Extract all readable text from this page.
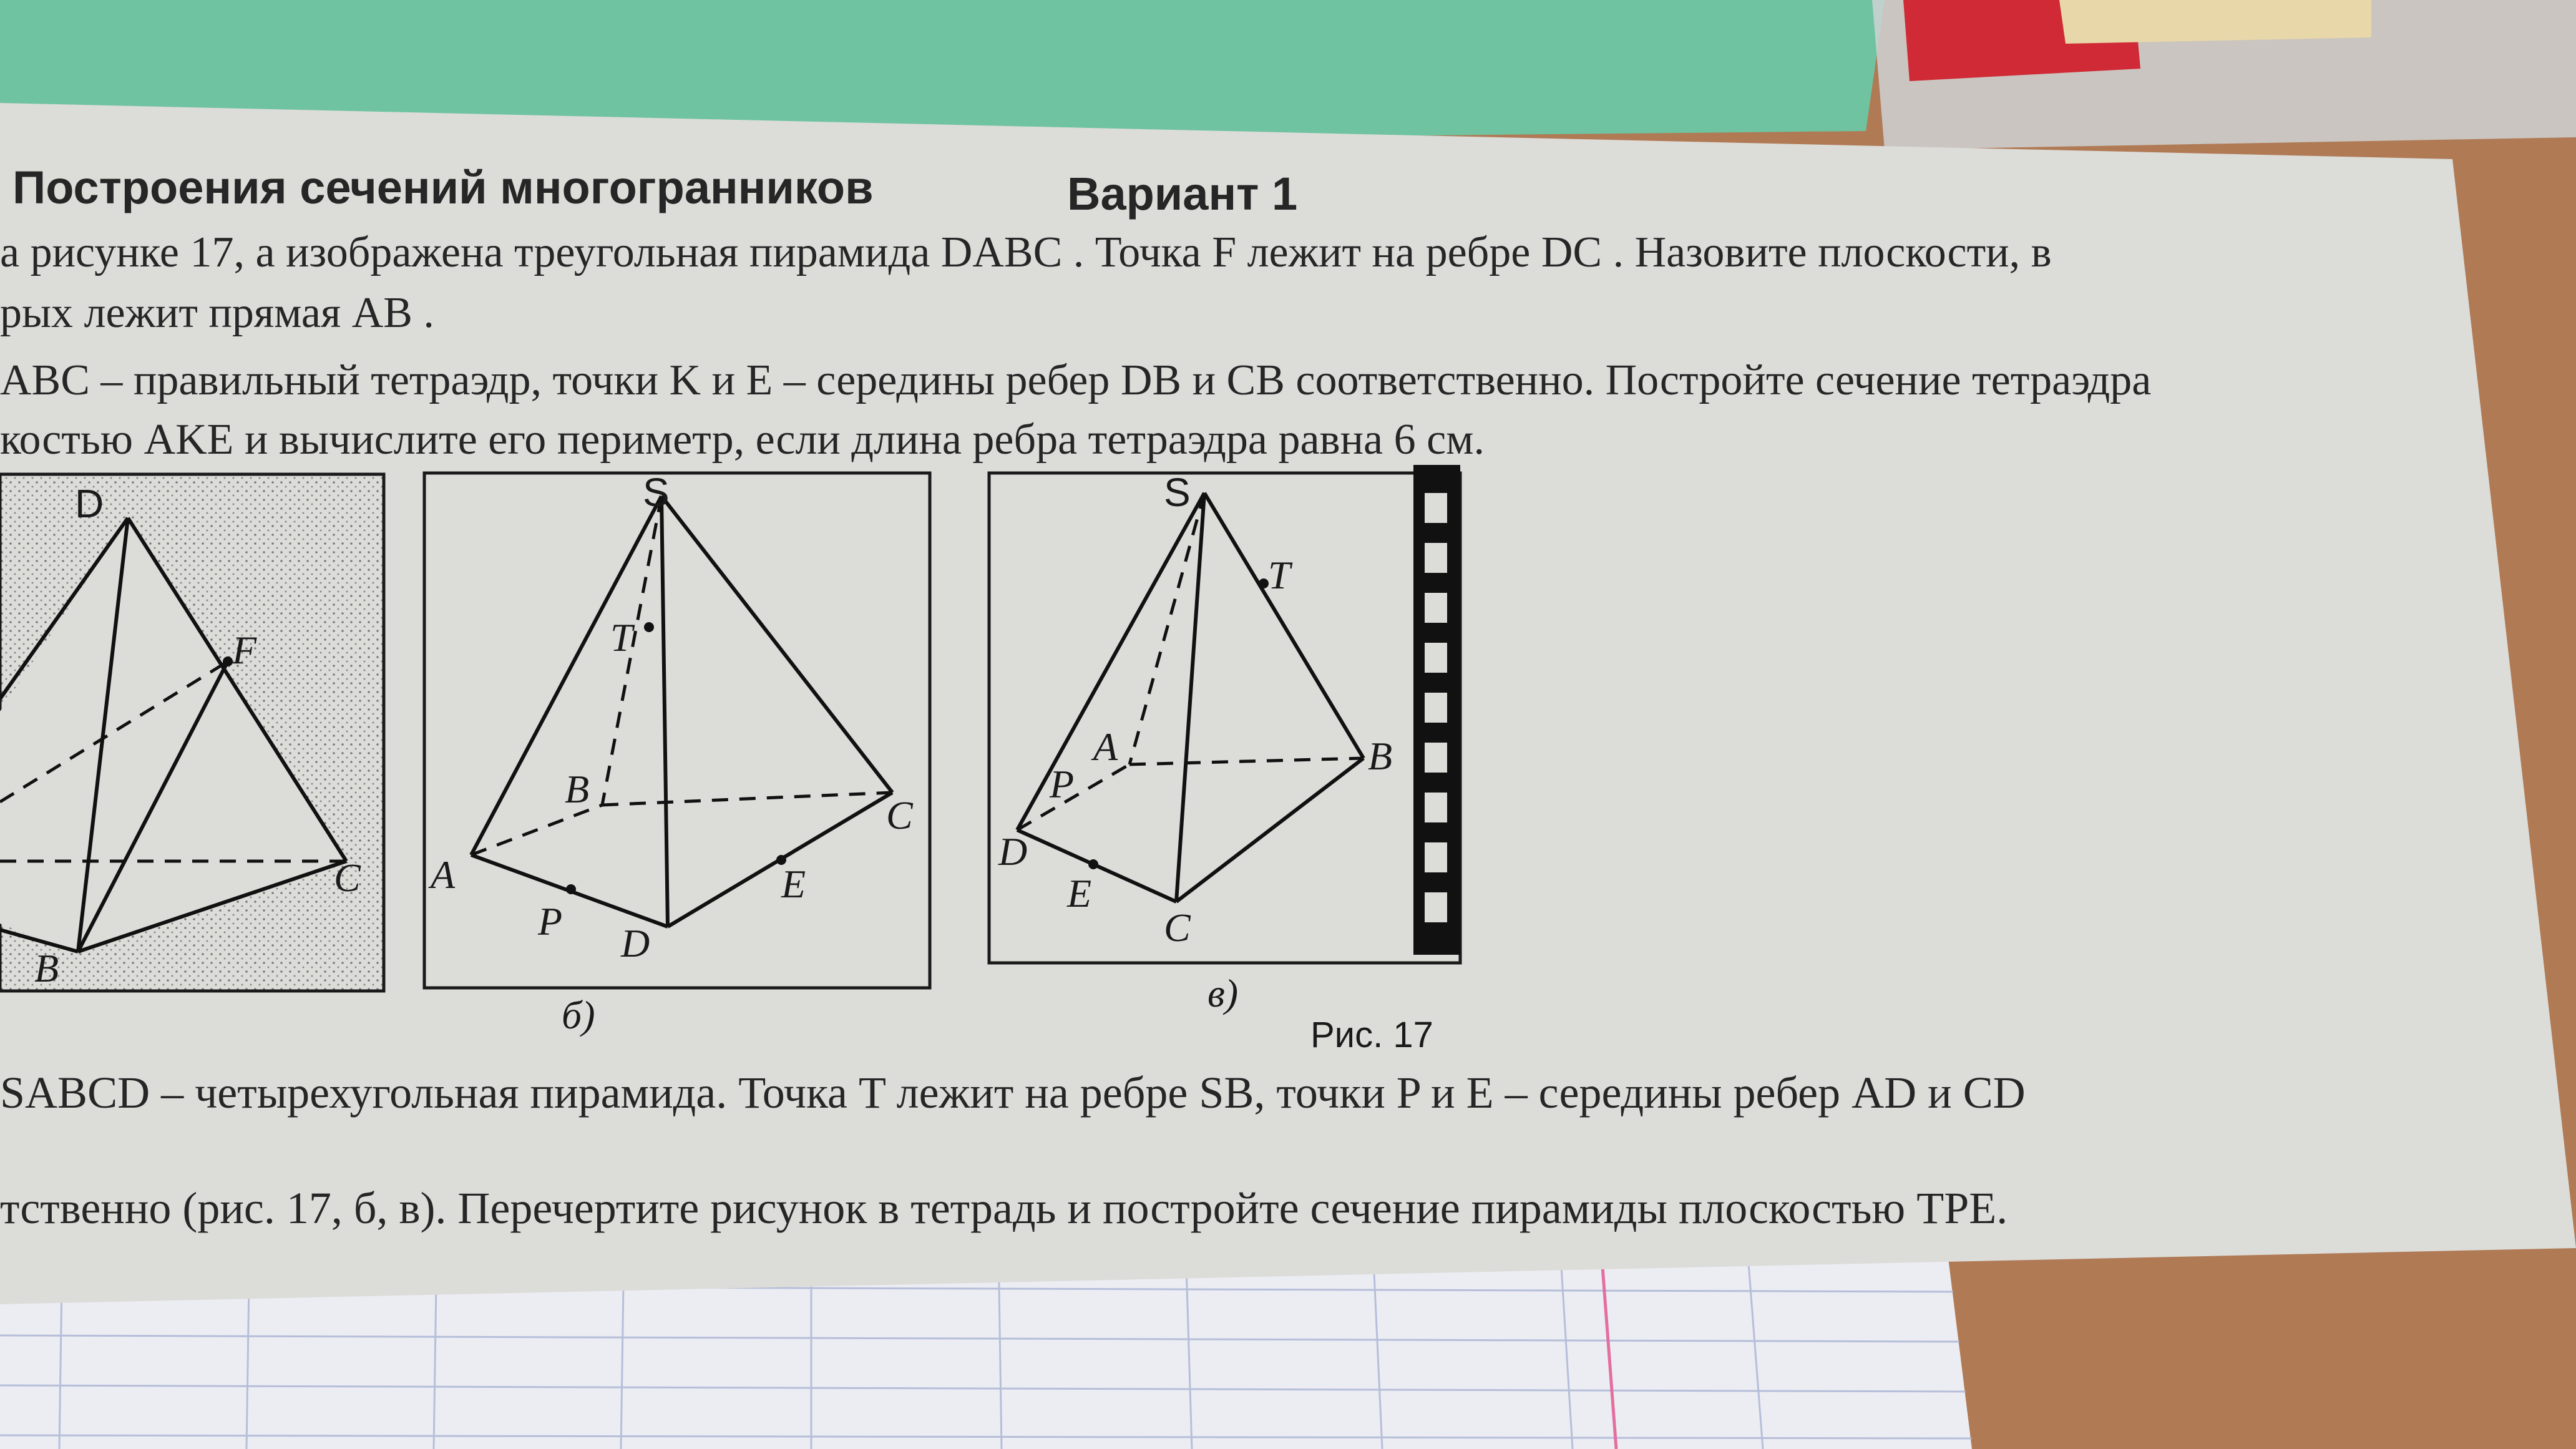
Построения сечений многогранников	Вариант 1
а рисунке 17, а изображена треугольная пирамида DABC . Точка F лежит на ребре DC . Назовите плоскости, в
рых лежит прямая AB .
ABC – правильный тетраэдр, точки K и E – середины ребер DB и CB соответственно. Постройте сечение тетраэдра
костью AKE и вычислите его периметр, если длина ребра тетраэдра равна 6 см.
SABCD – четырехугольная пирамида. Точка T лежит на ребре SB, точки P и E – середины ребер AD и CD
тственно (рис. 17, б, в). Перечертите рисунок в тетрадь и постройте сечение пирамиды плоскостью TPE.
D
F
C
B
S
T
B
C
A
P D
E
S
T
A	B
P
D
E
C
б)	в)
Рис. 17
